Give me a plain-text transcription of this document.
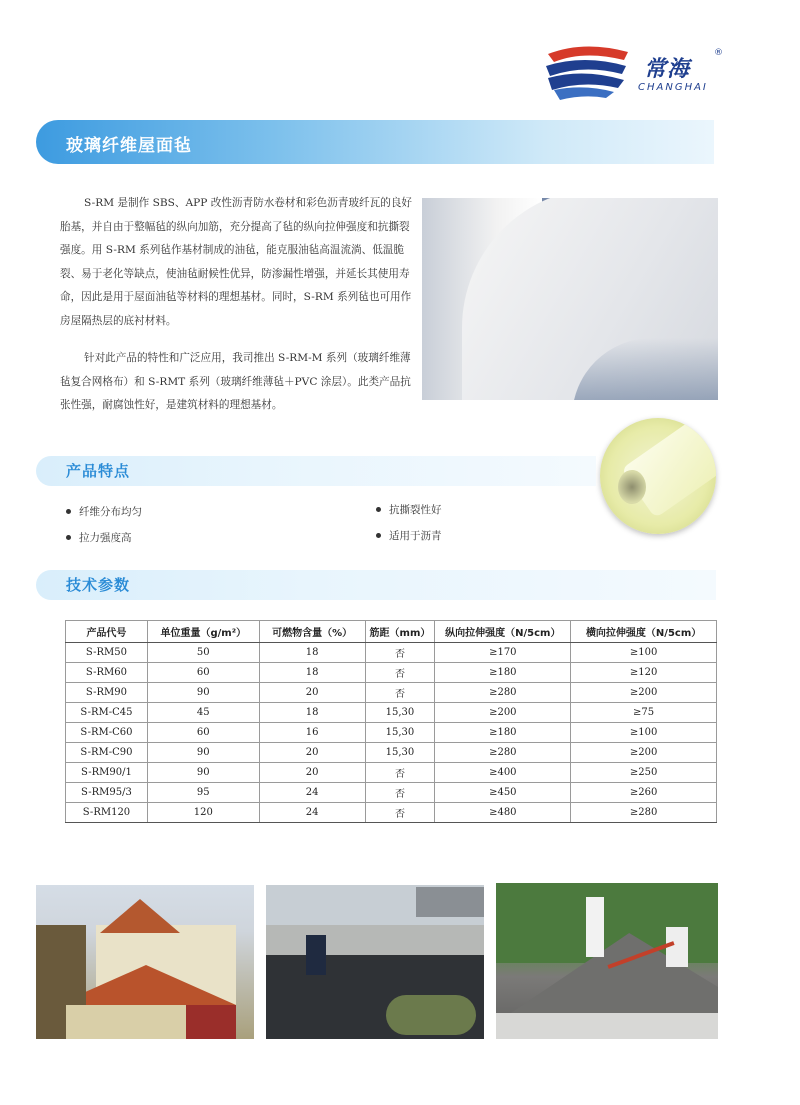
常海
®
CHANGHAI
玻璃纤维屋面毡

S-RM 是制作 SBS、APP 改性沥青防水卷材和彩色沥青玻纤瓦的良好胎基，并自由于整幅毡的纵向加筋，充分提高了毡的纵向拉伸强度和抗撕裂强度。用 S-RM 系列毡作基材制成的油毡，能克服油毡高温流淌、低温脆裂、易于老化等缺点，使油毡耐候性优异，防渗漏性增强，并延长其使用寿命，因此是用于屋面油毡等材料的理想基材。同时，S-RM 系列毡也可用作房屋隔热层的底衬材料。

针对此产品的特性和广泛应用，我司推出 S-RM-M 系列（玻璃纤维薄毡复合网格布）和 S-RMT 系列（玻璃纤维薄毡＋PVC 涂层）。此类产品抗张性强，耐腐蚀性好，是建筑材料的理想基材。

产品特点
纤维分布均匀	抗撕裂性好
拉力强度高	适用于沥青
技术参数
产品代号	单位重量（g/m²）	可燃物含量（%）	筋距（mm）	纵向拉伸强度（N/5cm）	横向拉伸强度（N/5cm）
S-RM50	50	18	否	≥170	≥100
S-RM60	60	18	否	≥180	≥120
S-RM90	90	20	否	≥280	≥200
S-RM-C45	45	18	15,30	≥200	≥75
S-RM-C60	60	16	15,30	≥180	≥100
S-RM-C90	90	20	15,30	≥280	≥200
S-RM90/1	90	20	否	≥400	≥250
S-RM95/3	95	24	否	≥450	≥260
S-RM120	120	24	否	≥480	≥280
